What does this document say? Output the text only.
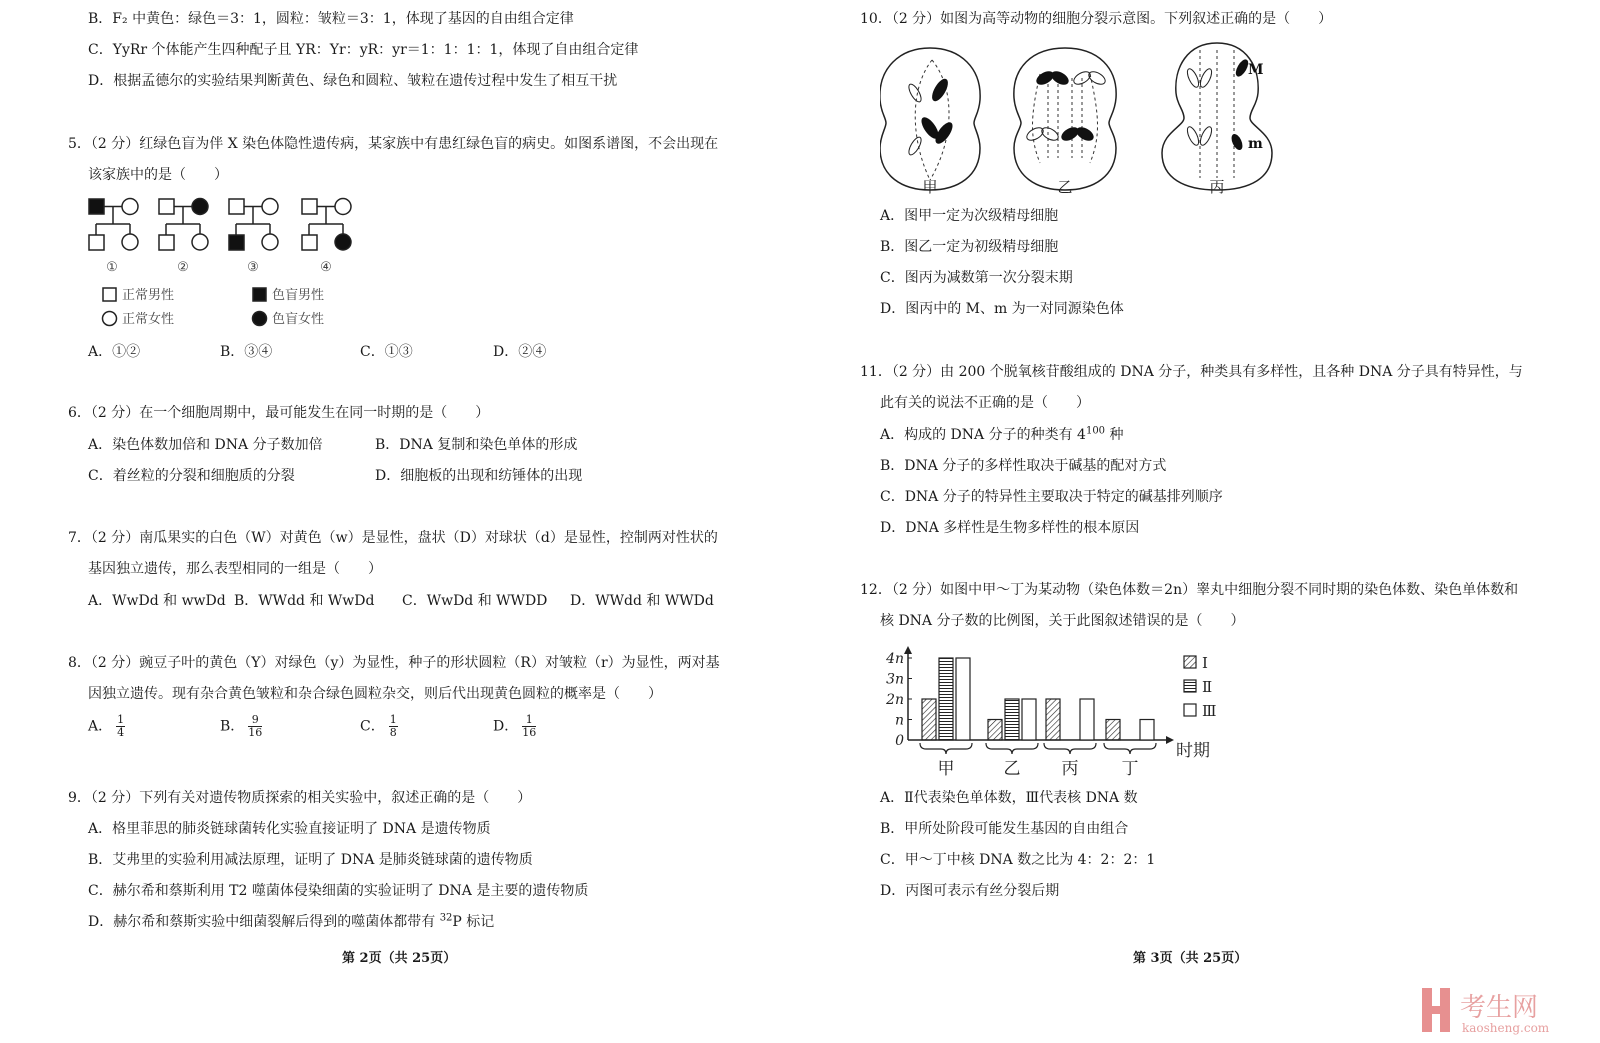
B．F₂ 中黄色：绿色＝3：1，圆粒：皱粒＝3：1，体现了基因的自由组合定律
C．YyRr 个体能产生四种配子且 YR：Yr：yR：yr＝1：1：1：1，体现了自由组合定律
D．根据孟德尔的实验结果判断黄色、绿色和圆粒、皱粒在遗传过程中发生了相互干扰
5．（2 分）红绿色盲为伴 X 染色体隐性遗传病，某家族中有患红绿色盲的病史。如图系谱图，不会出现在
该家族中的是（　　）
①	②	③	④
正常男性	色盲男性
正常女性	色盲女性
A．①②	B．③④	C．①③	D．②④
6．（2 分）在一个细胞周期中，最可能发生在同一时期的是（　　）
A．染色体数加倍和 DNA 分子数加倍	B．DNA 复制和染色单体的形成
C．着丝粒的分裂和细胞质的分裂	D．细胞板的出现和纺锤体的出现
7．（2 分）南瓜果实的白色（W）对黄色（w）是显性，盘状（D）对球状（d）是显性，控制两对性状的
基因独立遗传，那么表型相同的一组是（　　）
A．WwDd 和 wwDd B．WWdd 和 WwDd C．WwDd 和 WWDD D．WWdd 和 WWDd
8．（2 分）豌豆子叶的黄色（Y）对绿色（y）为显性，种子的形状圆粒（R）对皱粒（r）为显性，两对基
因独立遗传。现有杂合黄色皱粒和杂合绿色圆粒杂交，则后代出现黄色圆粒的概率是（　　）
A． $\frac{1}{4}$	B． $\frac{9}{16}$	C． $\frac{1}{8}$	D． $\frac{1}{16}$
9．（2 分）下列有关对遗传物质探索的相关实验中，叙述正确的是（　　）
A．格里菲思的肺炎链球菌转化实验直接证明了 DNA 是遗传物质
B．艾弗里的实验利用减法原理，证明了 DNA 是肺炎链球菌的遗传物质
C．赫尔希和蔡斯利用 T2 噬菌体侵染细菌的实验证明了 DNA 是主要的遗传物质
D．赫尔希和蔡斯实验中细菌裂解后得到的噬菌体都带有 $^{32}$P 标记
第 2页（共 25页）
10．（2 分）如图为高等动物的细胞分裂示意图。下列叙述正确的是（　　）
M
m
甲	乙	丙
A．图甲一定为次级精母细胞
B．图乙一定为初级精母细胞
C．图丙为减数第一次分裂末期
D．图丙中的 M、m 为一对同源染色体
11．（2 分）由 200 个脱氧核苷酸组成的 DNA 分子，种类具有多样性，且各种 DNA 分子具有特异性，与
此有关的说法不正确的是（　　）
A．构成的 DNA 分子的种类有 $4^{100}$ 种
B．DNA 分子的多样性取决于碱基的配对方式
C．DNA 分子的特异性主要取决于特定的碱基排列顺序
D．DNA 多样性是生物多样性的根本原因
12．（2 分）如图中甲～丁为某动物（染色体数＝2n）睾丸中细胞分裂不同时期的染色体数、染色单体数和
核 DNA 分子数的比例图，关于此图叙述错误的是（　　）
0
n
2n
3n
4n
甲	乙 丙	丁
时期
Ⅰ
Ⅱ
Ⅲ
A．Ⅱ代表染色单体数，Ⅲ代表核 DNA 数
B．甲所处阶段可能发生基因的自由组合
C．甲～丁中核 DNA 数之比为 4：2：2：1
D．丙图可表示有丝分裂后期
第 3页（共 25页）
考生网
kaosheng.com
